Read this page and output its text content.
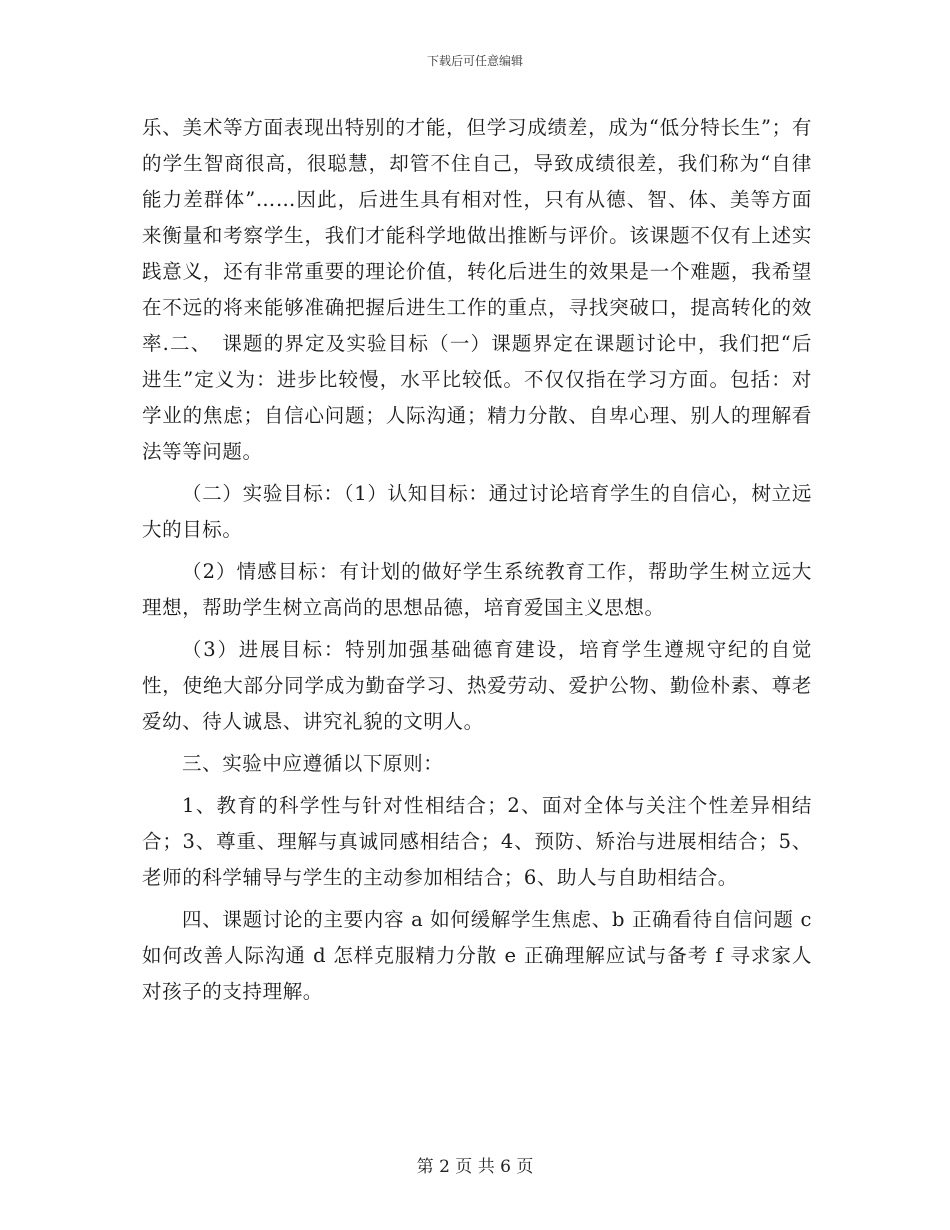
下载后可任意编辑

乐、美术等方面表现出特别的才能，但学习成绩差，成为“低分特长生”；有的学生智商很高，很聪慧，却管不住自己，导致成绩很差，我们称为“自律能力差群体”……因此，后进生具有相对性，只有从德、智、体、美等方面来衡量和考察学生，我们才能科学地做出推断与评价。该课题不仅有上述实践意义，还有非常重要的理论价值，转化后进生的效果是一个难题，我希望在不远的将来能够准确把握后进生工作的重点，寻找突破口，提高转化的效率.二、　课题的界定及实验目标（一）课题界定在课题讨论中，我们把“后进生”定义为：进步比较慢，水平比较低。不仅仅指在学习方面。包括：对学业的焦虑；自信心问题；人际沟通；精力分散、自卑心理、别人的理解看法等等问题。

（二）实验目标：（1）认知目标：通过讨论培育学生的自信心，树立远大的目标。

（2）情感目标：有计划的做好学生系统教育工作，帮助学生树立远大理想，帮助学生树立高尚的思想品德，培育爱国主义思想。

（3）进展目标：特别加强基础德育建设，培育学生遵规守纪的自觉性，使绝大部分同学成为勤奋学习、热爱劳动、爱护公物、勤俭朴素、尊老爱幼、待人诚恳、讲究礼貌的文明人。

三、实验中应遵循以下原则：

1、教育的科学性与针对性相结合；2、面对全体与关注个性差异相结合；3、尊重、理解与真诚同感相结合；4、预防、矫治与进展相结合；5、老师的科学辅导与学生的主动参加相结合；6、助人与自助相结合。

四、课题讨论的主要内容 a 如何缓解学生焦虑、b 正确看待自信问题 c 如何改善人际沟通 d 怎样克服精力分散 e 正确理解应试与备考 f 寻求家人对孩子的支持理解。

第 2 页 共 6 页
